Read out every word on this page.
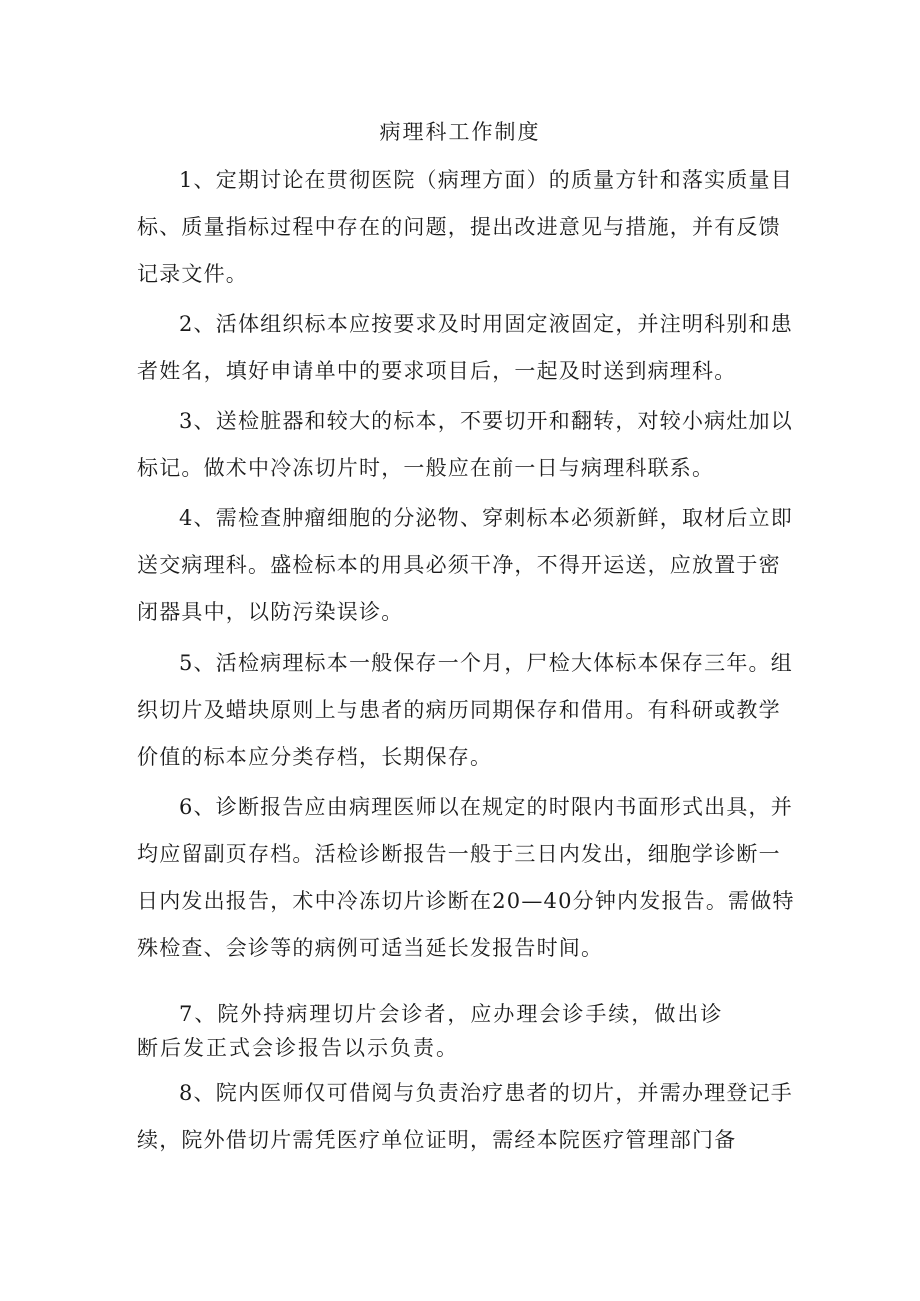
病理科工作制度
1、定期讨论在贯彻医院（病理方面）的质量方针和落实质量目标、质量指标过程中存在的问题，提出改进意见与措施，并有反馈记录文件。
2、活体组织标本应按要求及时用固定液固定，并注明科别和患者姓名，填好申请单中的要求项目后，一起及时送到病理科。
3、送检脏器和较大的标本，不要切开和翻转，对较小病灶加以标记。做术中冷冻切片时，一般应在前一日与病理科联系。
4、需检查肿瘤细胞的分泌物、穿刺标本必须新鲜，取材后立即送交病理科。盛检标本的用具必须干净，不得开运送，应放置于密闭器具中，以防污染误诊。
5、活检病理标本一般保存一个月，尸检大体标本保存三年。组织切片及蜡块原则上与患者的病历同期保存和借用。有科研或教学价值的标本应分类存档，长期保存。
6、诊断报告应由病理医师以在规定的时限内书面形式出具，并均应留副页存档。活检诊断报告一般于三日内发出，细胞学诊断一日内发出报告，术中冷冻切片诊断在20—40分钟内发报告。需做特殊检查、会诊等的病例可适当延长发报告时间。
7、院外持病理切片会诊者，应办理会诊手续，做出诊
断后发正式会诊报告以示负责。
8、院内医师仅可借阅与负责治疗患者的切片，并需办理登记手续，院外借切片需凭医疗单位证明，需经本院医疗管理部门备
